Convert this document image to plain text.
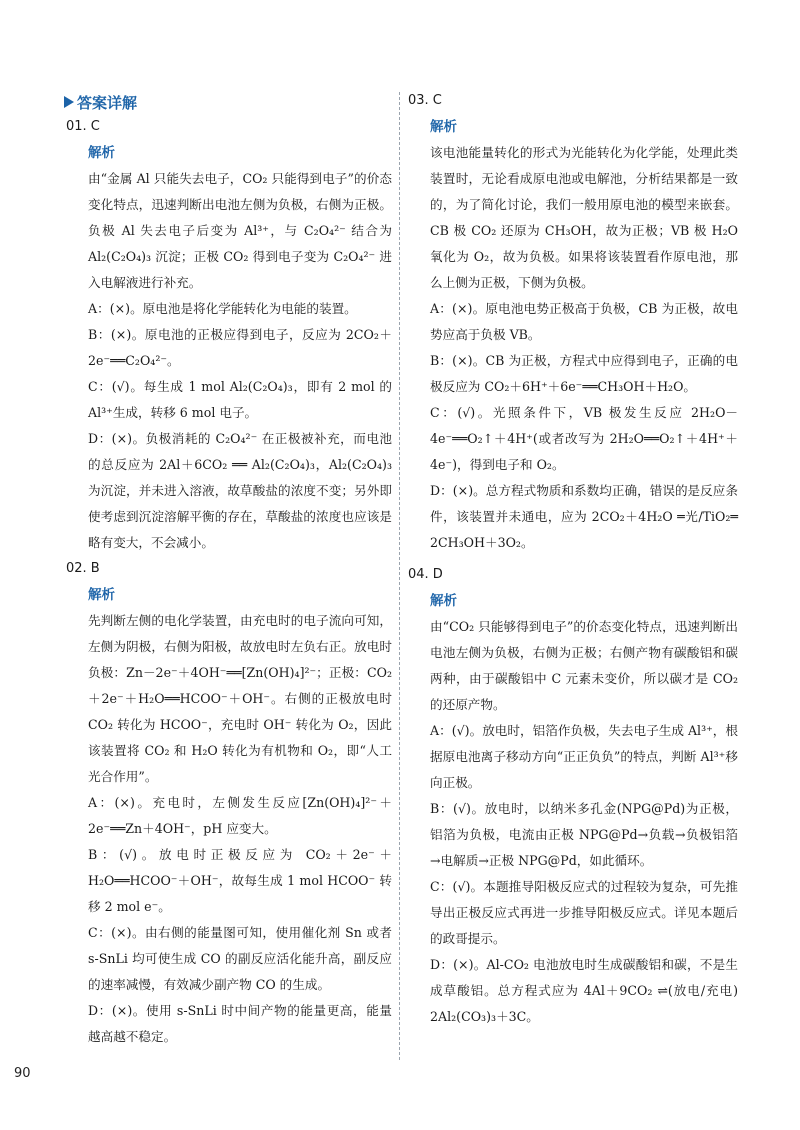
答案详解
01. C
解析

由“金属 Al 只能失去电子，CO₂ 只能得到电子”的价态变化特点，迅速判断出电池左侧为负极，右侧为正极。负极 Al 失去电子后变为 Al³⁺，与 C₂O₄²⁻ 结合为 Al₂(C₂O₄)₃ 沉淀；正极 CO₂ 得到电子变为 C₂O₄²⁻ 进入电解液进行补充。

A：(×)。原电池是将化学能转化为电能的装置。

B：(×)。原电池的正极应得到电子，反应为 2CO₂＋2e⁻══C₂O₄²⁻。

C：(√)。每生成 1 mol Al₂(C₂O₄)₃，即有 2 mol 的 Al³⁺生成，转移 6 mol 电子。

D：(×)。负极消耗的 C₂O₄²⁻ 在正极被补充，而电池的总反应为 2Al＋6CO₂ ══ Al₂(C₂O₄)₃，Al₂(C₂O₄)₃ 为沉淀，并未进入溶液，故草酸盐的浓度不变；另外即使考虑到沉淀溶解平衡的存在，草酸盐的浓度也应该是略有变大，不会减小。

02. B
解析

先判断左侧的电化学装置，由充电时的电子流向可知，左侧为阴极，右侧为阳极，故放电时左负右正。放电时负极：Zn－2e⁻＋4OH⁻══[Zn(OH)₄]²⁻；正极：CO₂＋2e⁻＋H₂O══HCOO⁻＋OH⁻。右侧的正极放电时 CO₂ 转化为 HCOO⁻，充电时 OH⁻ 转化为 O₂，因此该装置将 CO₂ 和 H₂O 转化为有机物和 O₂，即“人工光合作用”。

A：(×)。充电时，左侧发生反应[Zn(OH)₄]²⁻＋2e⁻══Zn＋4OH⁻，pH 应变大。

B：(√)。放电时正极反应为 CO₂＋2e⁻＋H₂O══HCOO⁻＋OH⁻，故每生成 1 mol HCOO⁻ 转移 2 mol e⁻。

C：(×)。由右侧的能量图可知，使用催化剂 Sn 或者 s-SnLi 均可使生成 CO 的副反应活化能升高，副反应的速率减慢，有效减少副产物 CO 的生成。

D：(×)。使用 s-SnLi 时中间产物的能量更高，能量越高越不稳定。

03. C
解析

该电池能量转化的形式为光能转化为化学能，处理此类装置时，无论看成原电池或电解池，分析结果都是一致的，为了简化讨论，我们一般用原电池的模型来嵌套。CB 极 CO₂ 还原为 CH₃OH，故为正极；VB 极 H₂O 氧化为 O₂，故为负极。如果将该装置看作原电池，那么上侧为正极，下侧为负极。

A：(×)。原电池电势正极高于负极，CB 为正极，故电势应高于负极 VB。

B：(×)。CB 为正极，方程式中应得到电子，正确的电极反应为 CO₂＋6H⁺＋6e⁻══CH₃OH＋H₂O。

C：(√)。光照条件下，VB 极发生反应 2H₂O－4e⁻══O₂↑＋4H⁺(或者改写为 2H₂O══O₂↑＋4H⁺＋4e⁻)，得到电子和 O₂。

D：(×)。总方程式物质和系数均正确，错误的是反应条件，该装置并未通电，应为 2CO₂＋4H₂O ═光/TiO₂═ 2CH₃OH＋3O₂。

04. D
解析

由“CO₂ 只能够得到电子”的价态变化特点，迅速判断出电池左侧为负极，右侧为正极；右侧产物有碳酸铝和碳两种，由于碳酸铝中 C 元素未变价，所以碳才是 CO₂ 的还原产物。

A：(√)。放电时，铝箔作负极，失去电子生成 Al³⁺，根据原电池离子移动方向“正正负负”的特点，判断 Al³⁺移向正极。

B：(√)。放电时，以纳米多孔金(NPG@Pd)为正极，铝箔为负极，电流由正极 NPG@Pd→负载→负极铝箔→电解质→正极 NPG@Pd，如此循环。

C：(√)。本题推导阳极反应式的过程较为复杂，可先推导出正极反应式再进一步推导阳极反应式。详见本题后的政哥提示。

D：(×)。Al-CO₂ 电池放电时生成碳酸铝和碳，不是生成草酸铝。总方程式应为 4Al＋9CO₂ ⇌(放电/充电) 2Al₂(CO₃)₃＋3C。

90
